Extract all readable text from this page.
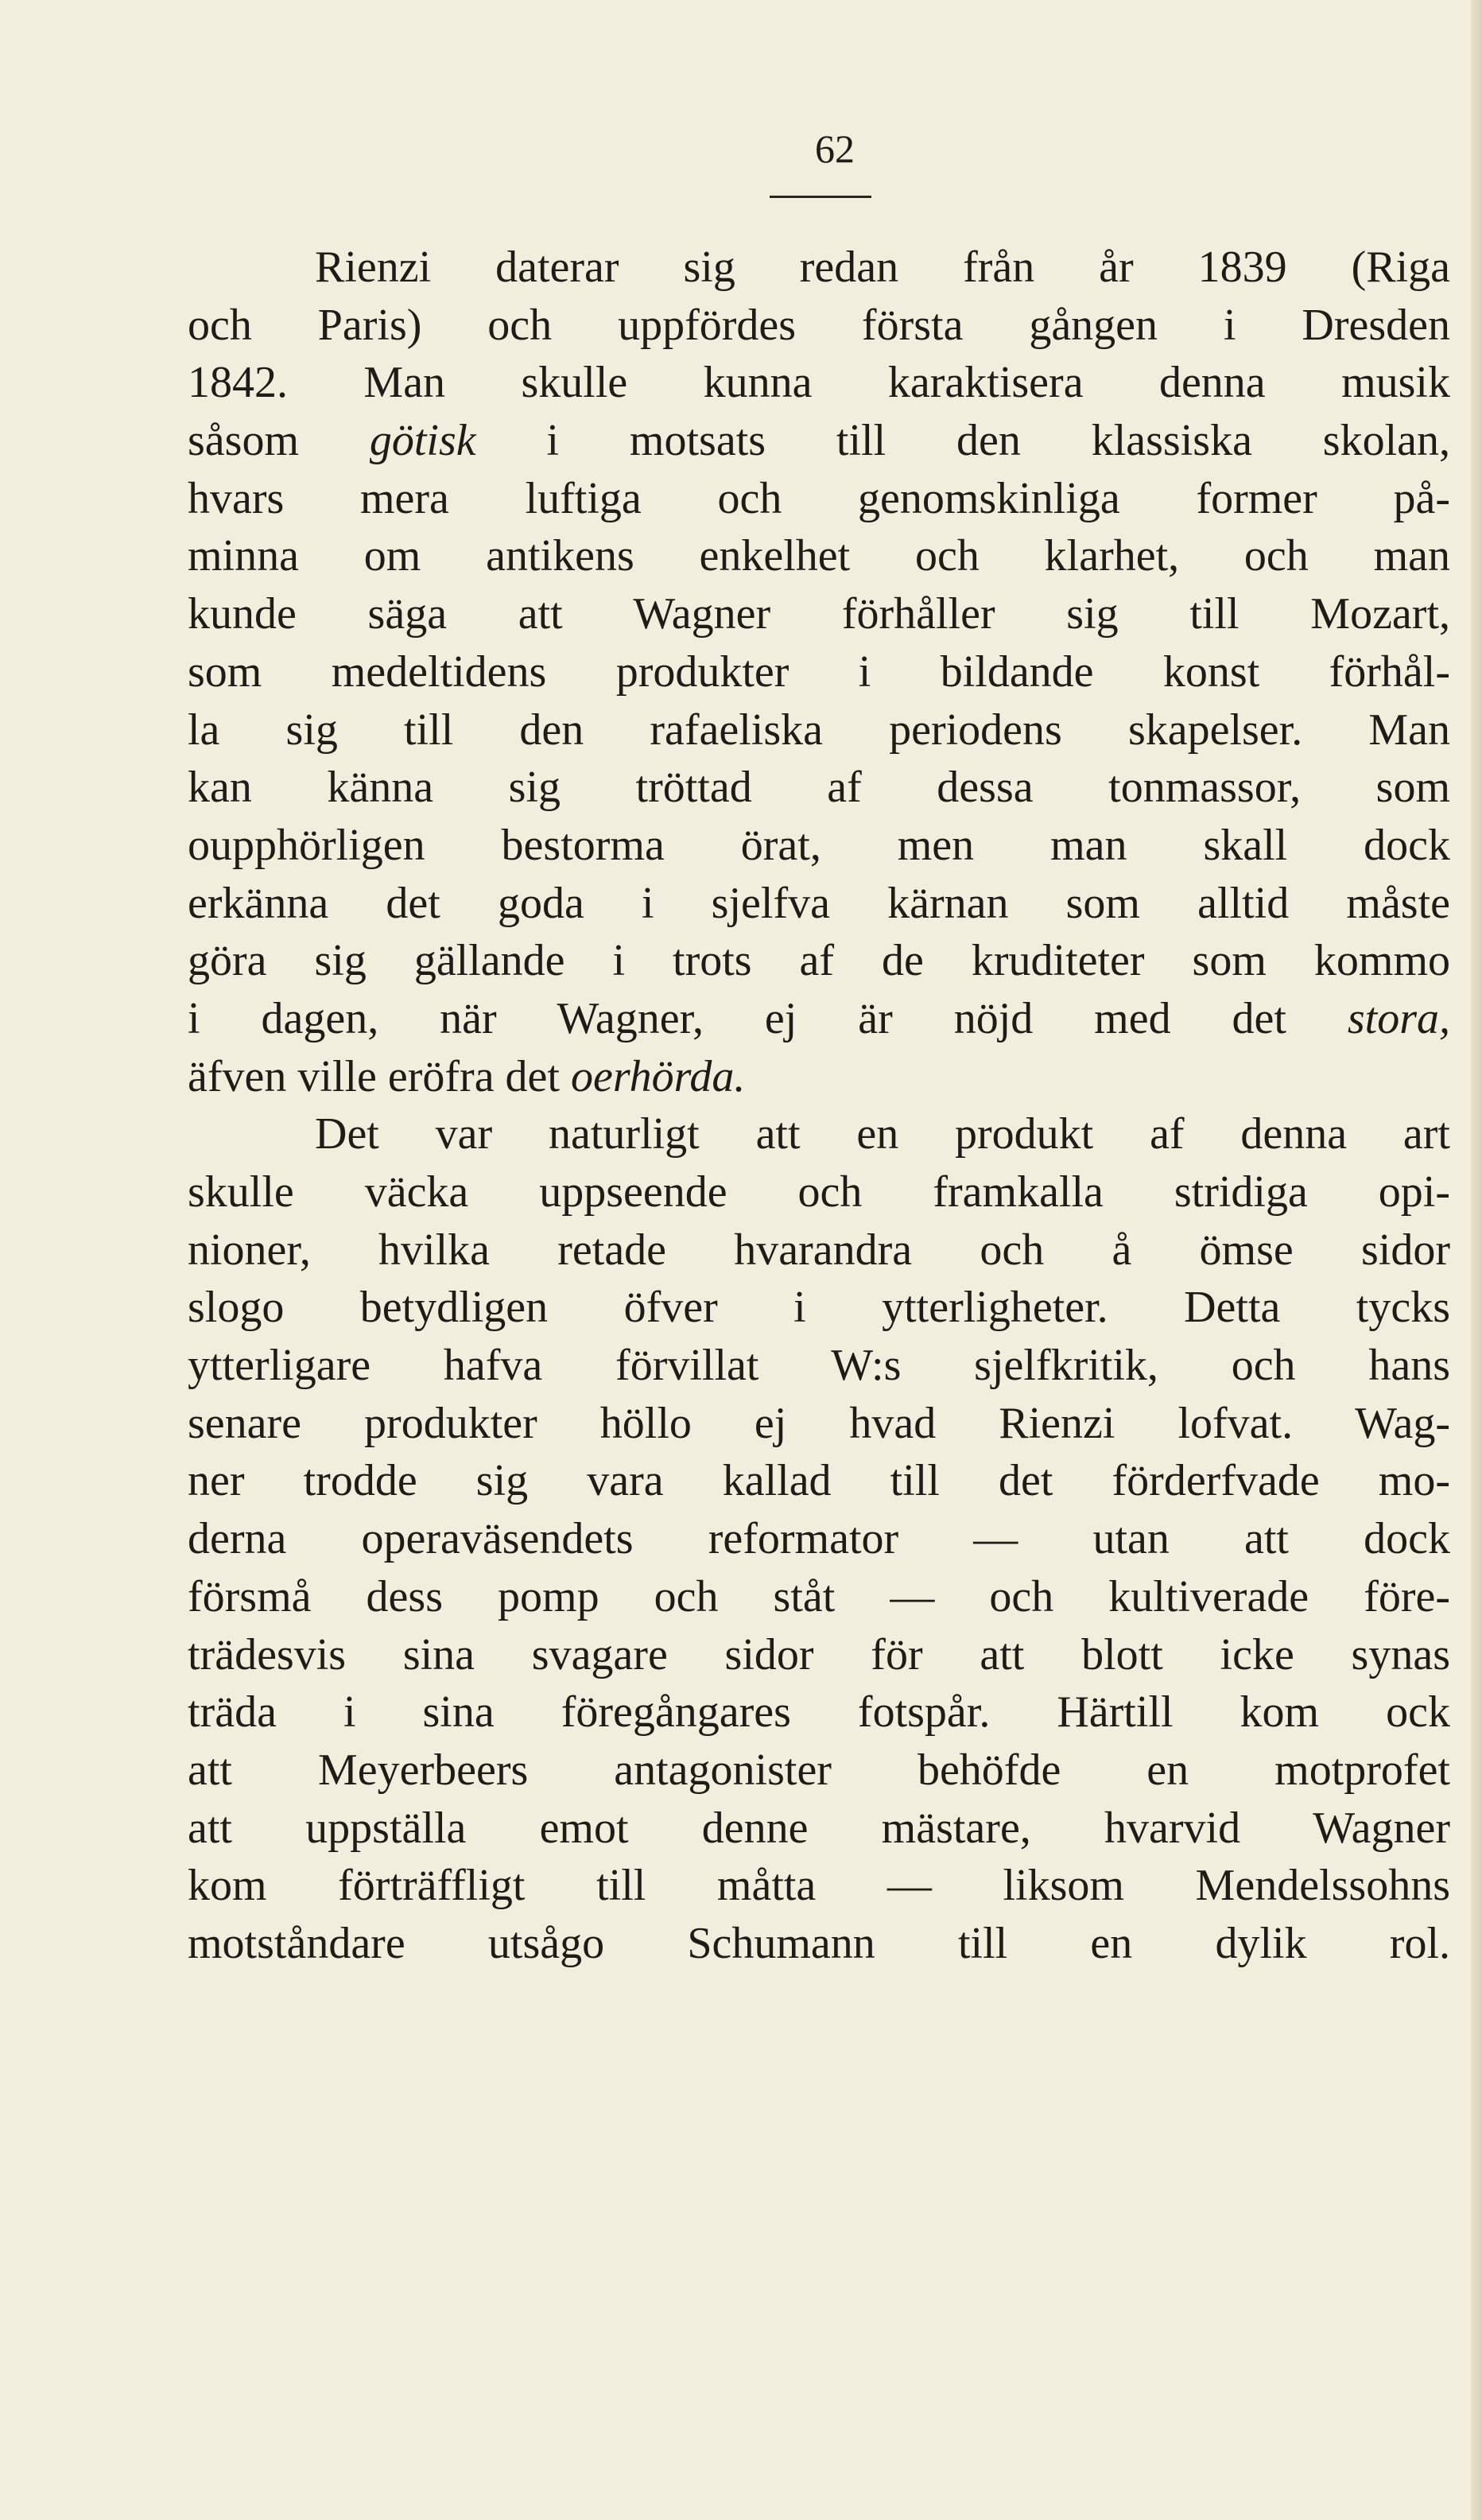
62
Rienzi daterar sig redan från år 1839 (Riga
och Paris) och uppfördes första gången i Dresden
1842. Man skulle kunna karaktisera denna musik
såsom götisk i motsats till den klassiska skolan,
hvars mera luftiga och genomskinliga former på-
minna om antikens enkelhet och klarhet, och man
kunde säga att Wagner förhåller sig till Mozart,
som medeltidens produkter i bildande konst förhål-
la sig till den rafaeliska periodens skapelser. Man
kan känna sig tröttad af dessa tonmassor, som
oupphörligen bestorma örat, men man skall dock
erkänna det goda i sjelfva kärnan som alltid måste
göra sig gällande i trots af de kruditeter som kommo
i dagen, när Wagner, ej är nöjd med det stora,
äfven ville eröfra det oerhörda.
Det var naturligt att en produkt af denna art
skulle väcka uppseende och framkalla stridiga opi-
nioner, hvilka retade hvarandra och å ömse sidor
slogo betydligen öfver i ytterligheter. Detta tycks
ytterligare hafva förvillat W:s sjelfkritik, och hans
senare produkter höllo ej hvad Rienzi lofvat. Wag-
ner trodde sig vara kallad till det förderfvade mo-
derna operaväsendets reformator — utan att dock
försmå dess pomp och ståt — och kultiverade före-
trädesvis sina svagare sidor för att blott icke synas
träda i sina föregångares fotspår. Härtill kom ock
att Meyerbeers antagonister behöfde en motprofet
att uppställa emot denne mästare, hvarvid Wagner
kom förträffligt till måtta — liksom Mendelssohns
motståndare utsågo Schumann till en dylik rol.
